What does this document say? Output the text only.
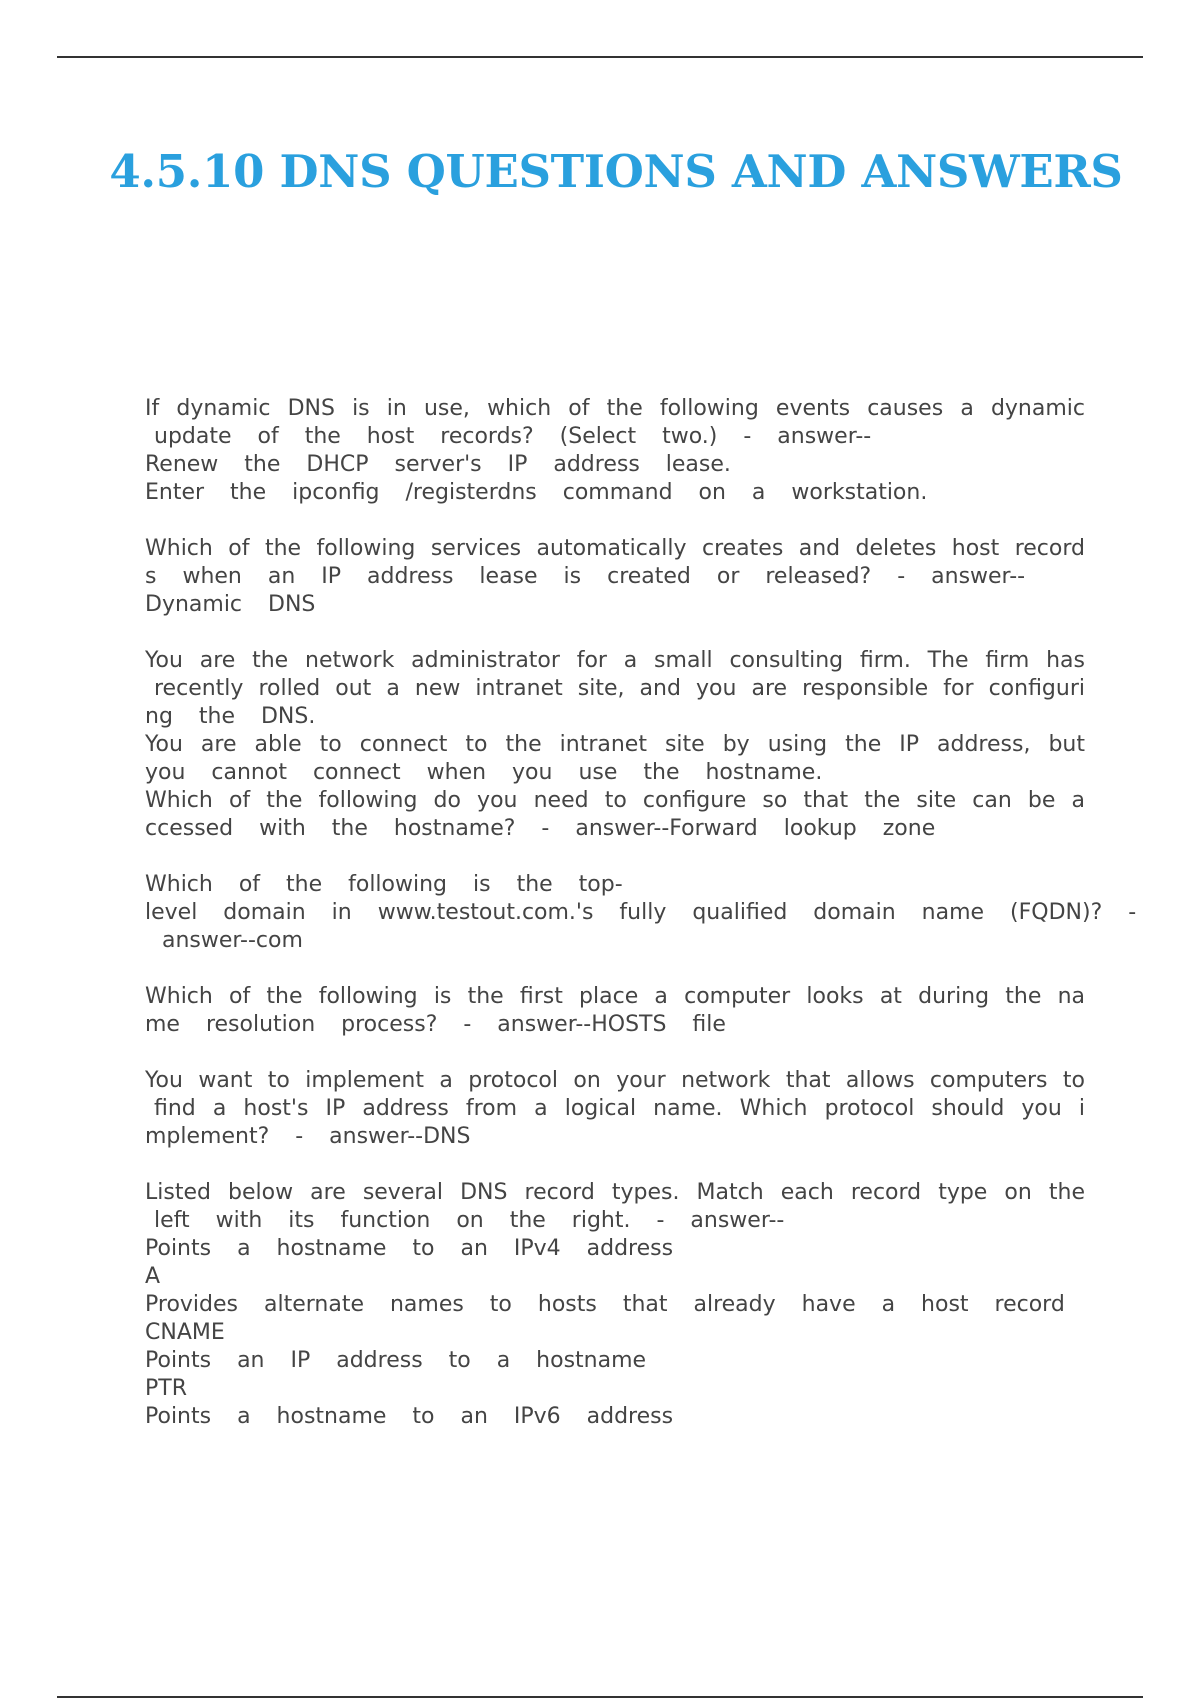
4.5.10 DNS QUESTIONS AND ANSWERS
If  dynamic  DNS  is  in  use,  which  of  the  following  events  causes  a  dynamic
update  of  the  host  records?  (Select  two.)  -  answer--
Renew  the  DHCP  server's  IP  address  lease.
Enter  the  ipconfig  /registerdns  command  on  a  workstation.
Which  of  the  following  services  automatically  creates  and  deletes  host  record
s  when  an  IP  address  lease  is  created  or  released?  -  answer--
Dynamic  DNS
You  are  the  network  administrator  for  a  small  consulting  firm.  The  firm  has
recently  rolled  out  a  new  intranet  site,  and  you  are  responsible  for  configuri
ng  the  DNS.
You  are  able  to  connect  to  the  intranet  site  by  using  the  IP  address,  but
you  cannot  connect  when  you  use  the  hostname.
Which  of  the  following  do  you  need  to  configure  so  that  the  site  can  be  a
ccessed  with  the  hostname?  -  answer--Forward  lookup  zone
Which  of  the  following  is  the  top-
level  domain  in  www.testout.com.'s  fully  qualified  domain  name  (FQDN)?  -
answer--com
Which  of  the  following  is  the  first  place  a  computer  looks  at  during  the  na
me  resolution  process?  -  answer--HOSTS  file
You  want  to  implement  a  protocol  on  your  network  that  allows  computers  to
find  a  host's  IP  address  from  a  logical  name.  Which  protocol  should  you  i
mplement?  -  answer--DNS
Listed  below  are  several  DNS  record  types.  Match  each  record  type  on  the
left  with  its  function  on  the  right.  -  answer--
Points  a  hostname  to  an  IPv4  address
A
Provides  alternate  names  to  hosts  that  already  have  a  host  record
CNAME
Points  an  IP  address  to  a  hostname
PTR
Points  a  hostname  to  an  IPv6  address
